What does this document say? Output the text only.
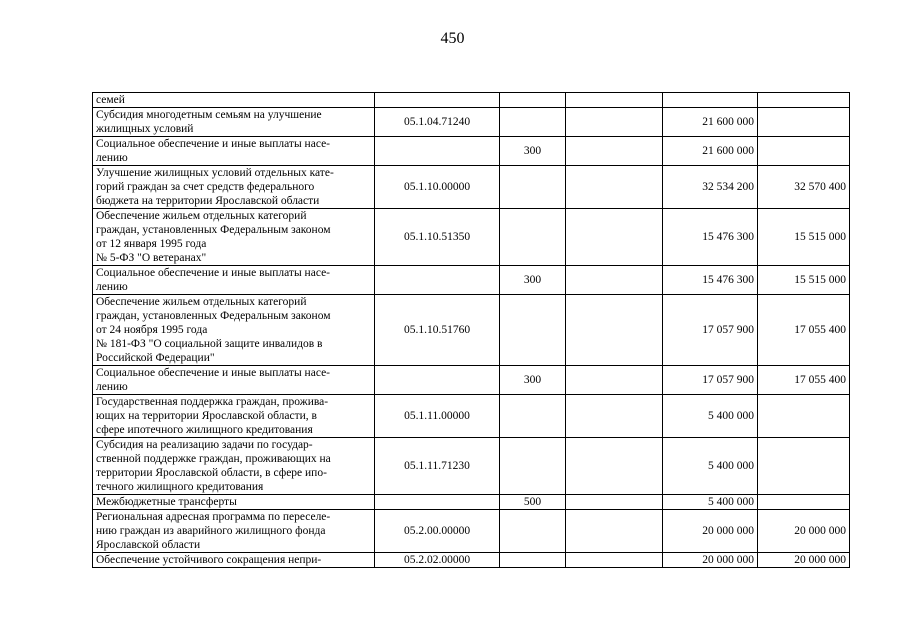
450
семей					
Субсидия многодетным семьям на улучшение
жилищных условий	05.1.04.71240			21 600 000	
Социальное обеспечение и иные выплаты насе-
лению		300		21 600 000	
Улучшение жилищных условий отдельных кате-
горий граждан за счет средств федерального
бюджета на территории Ярославской области	05.1.10.00000			32 534 200	32 570 400
Обеспечение жильем отдельных категорий
граждан, установленных Федеральным законом
от 12 января 1995 года
№ 5-ФЗ "О ветеранах"	05.1.10.51350			15 476 300	15 515 000
Социальное обеспечение и иные выплаты насе-
лению		300		15 476 300	15 515 000
Обеспечение жильем отдельных категорий
граждан, установленных Федеральным законом
от 24 ноября 1995 года
№ 181-ФЗ "О социальной защите инвалидов в
Российской Федерации"	05.1.10.51760			17 057 900	17 055 400
Социальное обеспечение и иные выплаты насе-
лению		300		17 057 900	17 055 400
Государственная поддержка граждан, прожива-
ющих на территории Ярославской области, в
сфере ипотечного жилищного кредитования	05.1.11.00000			5 400 000	
Субсидия на реализацию задачи по государ-
ственной поддержке граждан, проживающих на
территории Ярославской области, в сфере ипо-
течного жилищного кредитования	05.1.11.71230			5 400 000	
Межбюджетные трансферты		500		5 400 000	
Региональная адресная программа по переселе-
нию граждан из аварийного жилищного фонда
Ярославской области	05.2.00.00000			20 000 000	20 000 000
Обеспечение устойчивого сокращения непри-	05.2.02.00000			20 000 000	20 000 000
